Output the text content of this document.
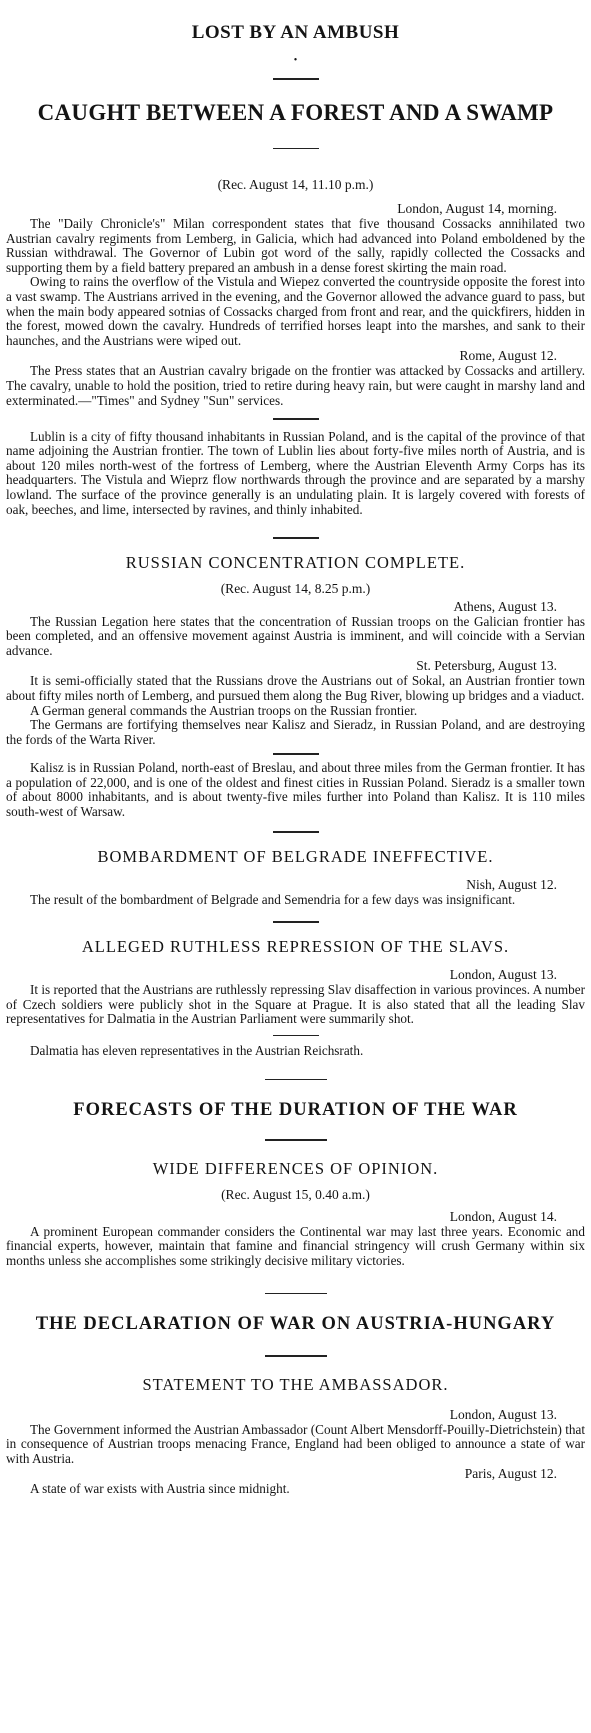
LOST BY AN AMBUSH
•
CAUGHT BETWEEN A FOREST AND A SWAMP

(Rec. August 14, 11.10 p.m.)

London, August 14, morning.

The "Daily Chronicle's" Milan correspondent states that five thousand Cossacks annihilated two Austrian cavalry regiments from Lemberg, in Galicia, which had advanced into Poland emboldened by the Russian withdrawal. The Governor of Lubin got word of the sally, rapidly collected the Cossacks and supporting them by a field battery prepared an ambush in a dense forest skirting the main road.

Owing to rains the overflow of the Vistula and Wiepez converted the countryside opposite the forest into a vast swamp. The Austrians arrived in the evening, and the Governor allowed the advance guard to pass, but when the main body appeared sotnias of Cossacks charged from front and rear, and the quickfirers, hidden in the forest, mowed down the cavalry. Hundreds of terrified horses leapt into the marshes, and sank to their haunches, and the Austrians were wiped out.

Rome, August 12.

The Press states that an Austrian cavalry brigade on the frontier was attacked by Cossacks and artillery. The cavalry, unable to hold the position, tried to retire during heavy rain, but were caught in marshy land and exterminated.—"Times" and Sydney "Sun" services.

Lublin is a city of fifty thousand inhabitants in Russian Poland, and is the capital of the province of that name adjoining the Austrian frontier. The town of Lublin lies about forty-five miles north of Austria, and is about 120 miles north-west of the fortress of Lemberg, where the Austrian Eleventh Army Corps has its headquarters. The Vistula and Wieprz flow northwards through the province and are separated by a marshy lowland. The surface of the province generally is an undulating plain. It is largely covered with forests of oak, beeches, and lime, intersected by ravines, and thinly inhabited.

RUSSIAN CONCENTRATION COMPLETE.

(Rec. August 14, 8.25 p.m.)

Athens, August 13.

The Russian Legation here states that the concentration of Russian troops on the Galician frontier has been completed, and an offensive movement against Austria is imminent, and will coincide with a Servian advance.

St. Petersburg, August 13.

It is semi-officially stated that the Russians drove the Austrians out of Sokal, an Austrian frontier town about fifty miles north of Lemberg, and pursued them along the Bug River, blowing up bridges and a viaduct.

A German general commands the Austrian troops on the Russian frontier.

The Germans are fortifying themselves near Kalisz and Sieradz, in Russian Poland, and are destroying the fords of the Warta River.

Kalisz is in Russian Poland, north-east of Breslau, and about three miles from the German frontier. It has a population of 22,000, and is one of the oldest and finest cities in Russian Poland. Sieradz is a smaller town of about 8000 inhabitants, and is about twenty-five miles further into Poland than Kalisz. It is 110 miles south-west of Warsaw.

BOMBARDMENT OF BELGRADE INEFFECTIVE.

Nish, August 12.

The result of the bombardment of Belgrade and Semendria for a few days was insignificant.

ALLEGED RUTHLESS REPRESSION OF THE SLAVS.

London, August 13.

It is reported that the Austrians are ruthlessly repressing Slav disaffection in various provinces. A number of Czech soldiers were publicly shot in the Square at Prague. It is also stated that all the leading Slav representatives for Dalmatia in the Austrian Parliament were summarily shot.

Dalmatia has eleven representatives in the Austrian Reichsrath.

FORECASTS OF THE DURATION OF THE WAR
WIDE DIFFERENCES OF OPINION.

(Rec. August 15, 0.40 a.m.)

London, August 14.

A prominent European commander considers the Continental war may last three years. Economic and financial experts, however, maintain that famine and financial stringency will crush Germany within six months unless she accomplishes some strikingly decisive military victories.

THE DECLARATION OF WAR ON AUSTRIA-HUNGARY
STATEMENT TO THE AMBASSADOR.

London, August 13.

The Government informed the Austrian Ambassador (Count Albert Mensdorff-Pouilly-Dietrichstein) that in consequence of Austrian troops menacing France, England had been obliged to announce a state of war with Austria.

Paris, August 12.

A state of war exists with Austria since midnight.
